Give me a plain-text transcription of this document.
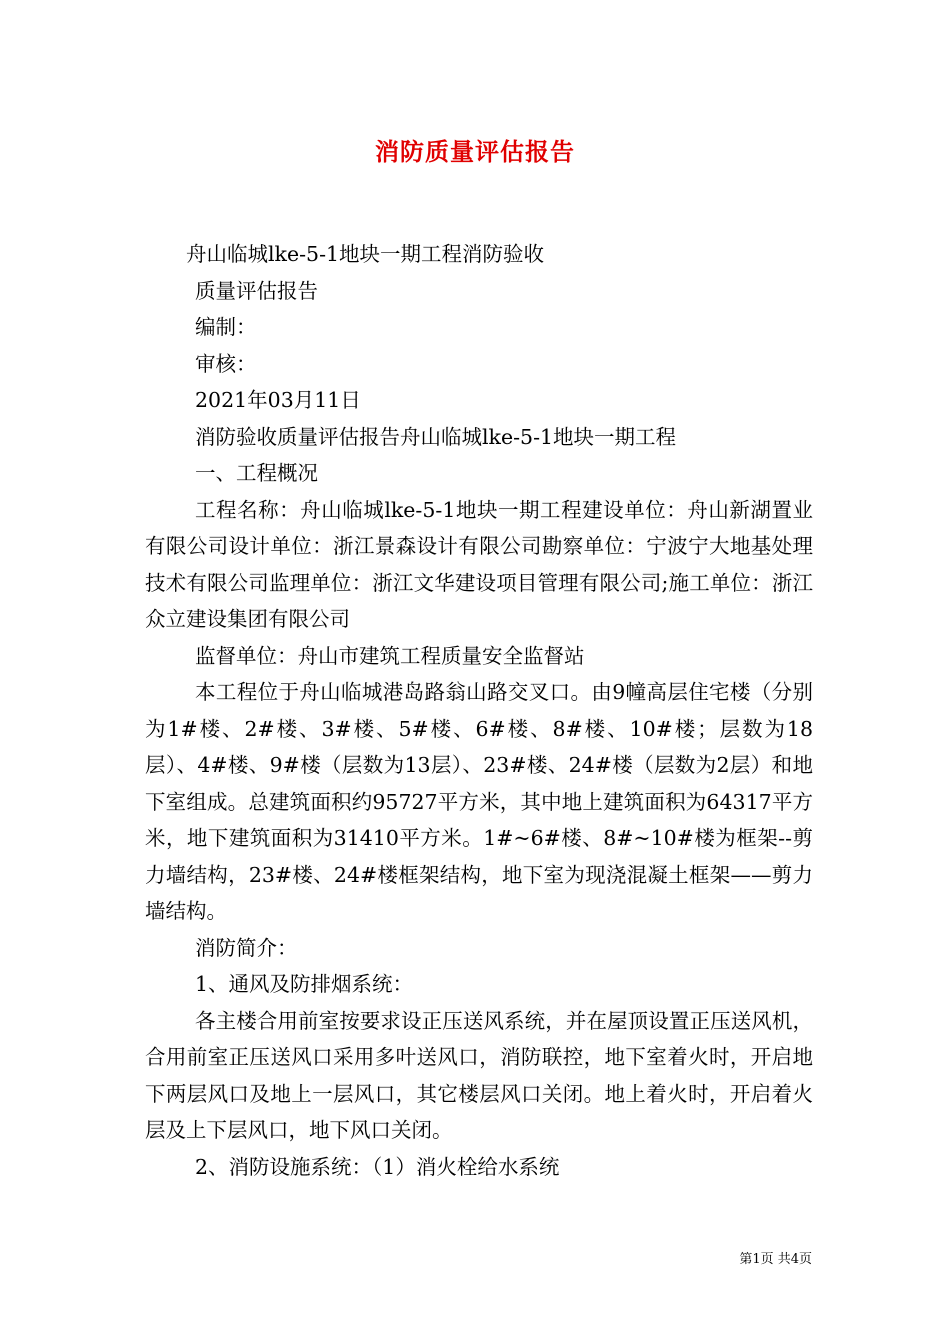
消防质量评估报告

舟山临城lke-5-1地块一期工程消防验收

质量评估报告

编制：

审核：

2021年03月11日

消防验收质量评估报告舟山临城lke-5-1地块一期工程

一、工程概况

工程名称：舟山临城lke-5-1地块一期工程建设单位：舟山新湖置业有限公司设计单位：浙江景森设计有限公司勘察单位：宁波宁大地基处理技术有限公司监理单位：浙江文华建设项目管理有限公司;施工单位：浙江众立建设集团有限公司

监督单位：舟山市建筑工程质量安全监督站

本工程位于舟山临城港岛路翁山路交叉口。由9幢高层住宅楼（分别为1#楼、2#楼、3#楼、5#楼、6#楼、8#楼、10#楼；层数为18层）、4#楼、9#楼（层数为13层）、23#楼、24#楼（层数为2层）和地下室组成。总建筑面积约95727平方米，其中地上建筑面积为64317平方米，地下建筑面积为31410平方米。1#~6#楼、8#~10#楼为框架--剪力墙结构，23#楼、24#楼框架结构，地下室为现浇混凝土框架——剪力墙结构。

消防简介：

1、通风及防排烟系统：

各主楼合用前室按要求设正压送风系统，并在屋顶设置正压送风机，合用前室正压送风口采用多叶送风口，消防联控，地下室着火时，开启地下两层风口及地上一层风口，其它楼层风口关闭。地上着火时，开启着火层及上下层风口，地下风口关闭。

2、消防设施系统：（1）消火栓给水系统

第1页 共4页
